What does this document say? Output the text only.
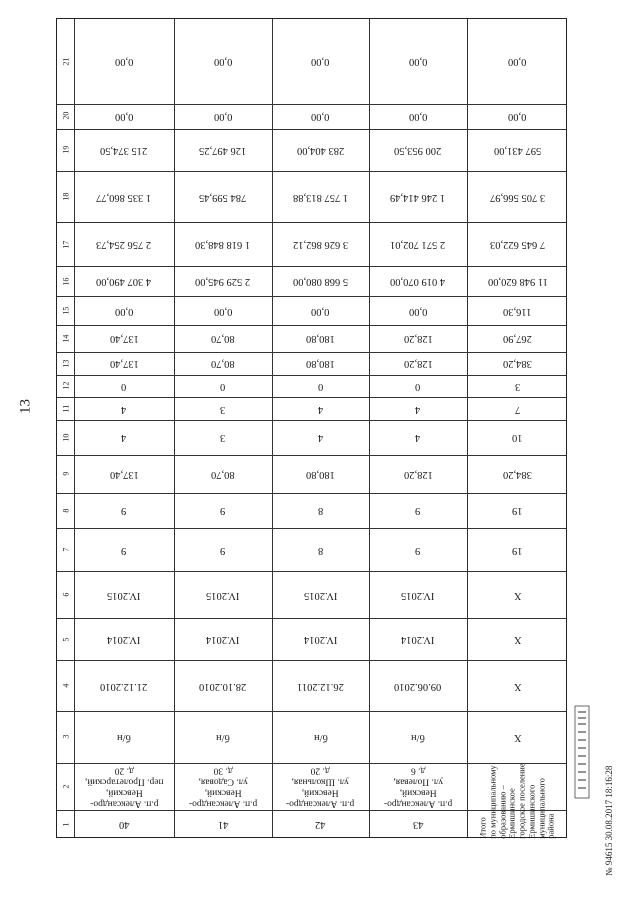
13
1
2
3
4
5
6
7
8
9
10
11
12
13
14
15
16
17
18
19
20
21
40
р.п. Александро-
Невский,
пер. Пролетарский,
д. 20
б/н
21.12.2010
IV.2014
IV.2015
9
9
137,40
4
4
0
137,40
137,40
0,00
4 307 490,00
2 756 254,73
1 335 860,77
215 374,50
0,00
0,00
41
р.п. Александро-
Невский,
ул. Садовая,
д. 30
б/н
28.10.2010
IV.2014
IV.2015
9
9
80,70
3
3
0
80,70
80,70
0,00
2 529 945,00
1 618 848,30
784 599,45
126 497,25
0,00
0,00
42
р.п. Александро-
Невский,
ул. Школьная,
д. 20
б/н
26.12.2011
IV.2014
IV.2015
8
8
180,80
4
4
0
180,80
180,80
0,00
5 668 080,00
3 626 862,12
1 757 813,88
283 404,00
0,00
0,00
43
р.п. Александро-
Невский,
ул. Полевая,
д. 6
б/н
09.06.2010
IV.2014
IV.2015
9
9
128,20
4
4
0
128,20
128,20
0,00
4 019 070,00
2 571 702,01
1 246 414,49
200 953,50
0,00
0,00
Итого
по муниципальному
образованию –
Ермишинское
городское поселение
Ермишинского
муниципального
района
X
X
X
X
19
19
384,20
10
7
3
384,20
267,90
116,30
11 948 620,00
7 645 622,03
3 705 566,97
597 431,00
0,00
0,00
№ 94615 30.08.2017 18:16:28
